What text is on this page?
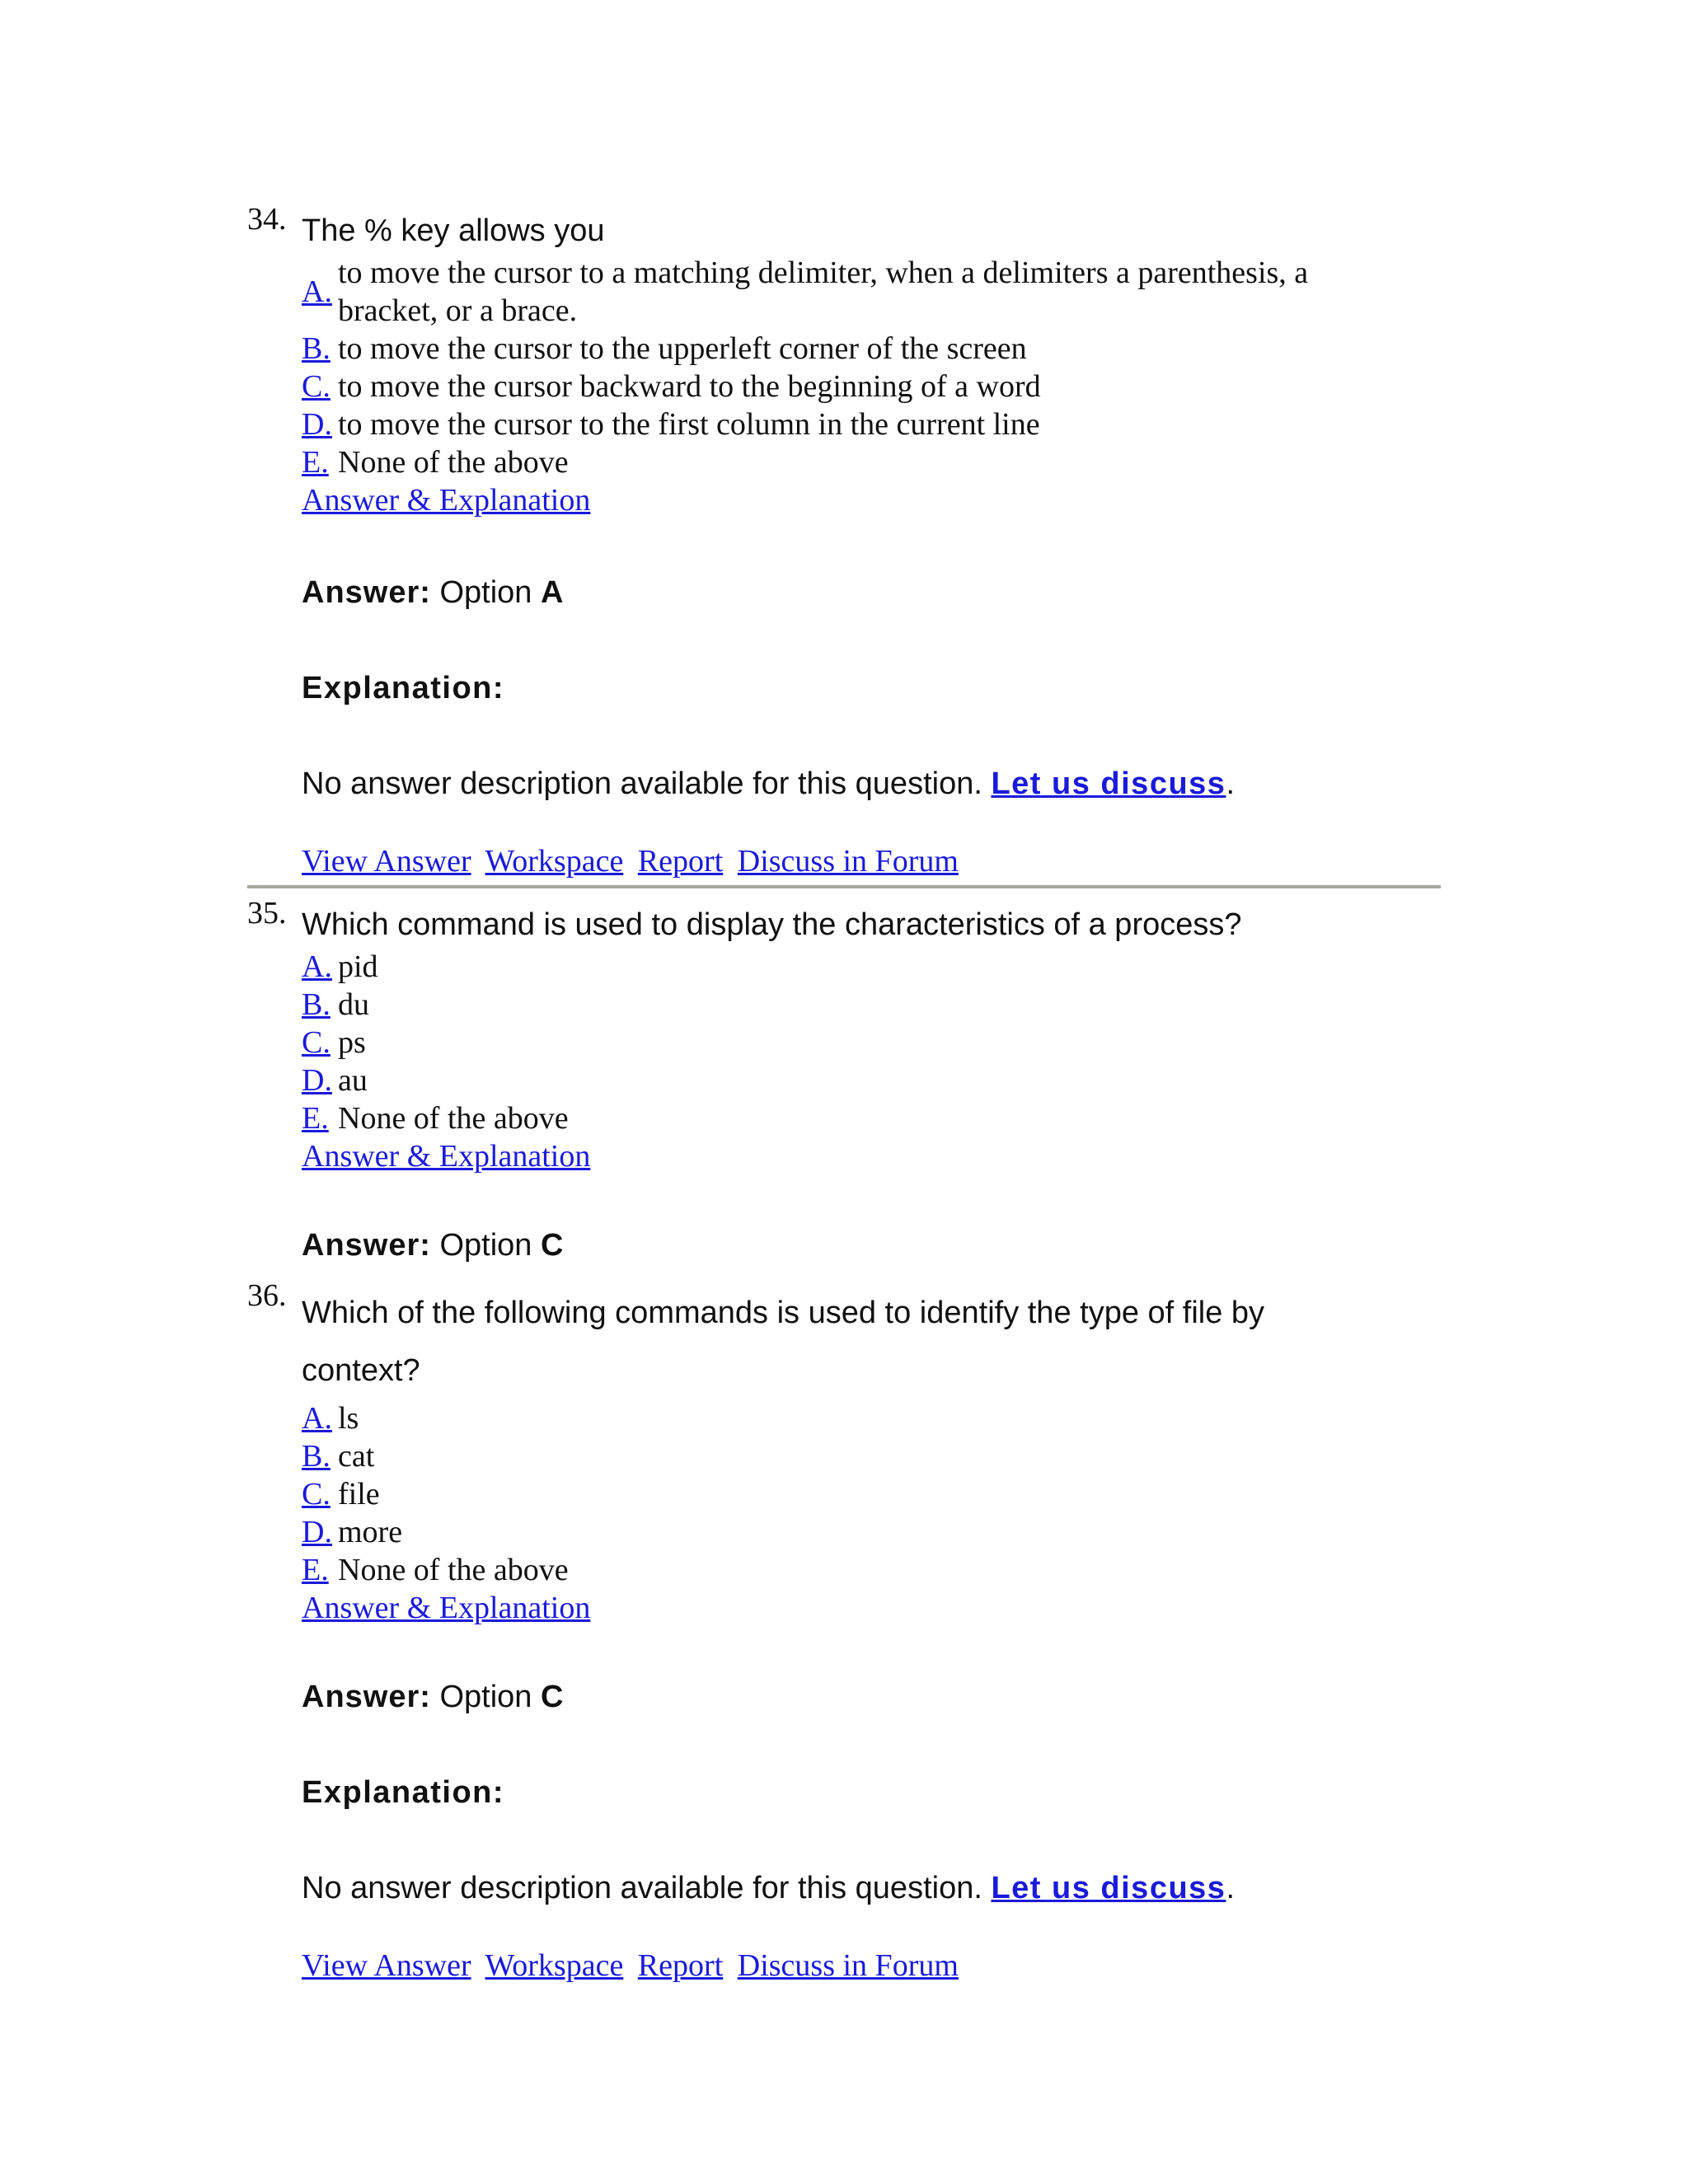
34. The % key allows you

A.
to move the cursor to a matching delimiter, when a delimiters a parenthesis, a bracket, or a brace.
B. to move the cursor to the upperleft corner of the screen
C. to move the cursor backward to the beginning of a word
D. to move the cursor to the first column in the current line
E. None of the above
Answer & Explanation

Answer: Option A

Explanation:

No answer description available for this question. Let us discuss.

View Answer Workspace Report Discuss in Forum
35. Which command is used to display the characteristics of a process?

A. pid
B. du
C. ps
D. au
E. None of the above
Answer & Explanation

Answer: Option C

36. Which of the following commands is used to identify the type of file by context?

A. ls
B. cat
C. file
D. more
E. None of the above
Answer & Explanation

Answer: Option C

Explanation:

No answer description available for this question. Let us discuss.

View Answer Workspace Report Discuss in Forum
